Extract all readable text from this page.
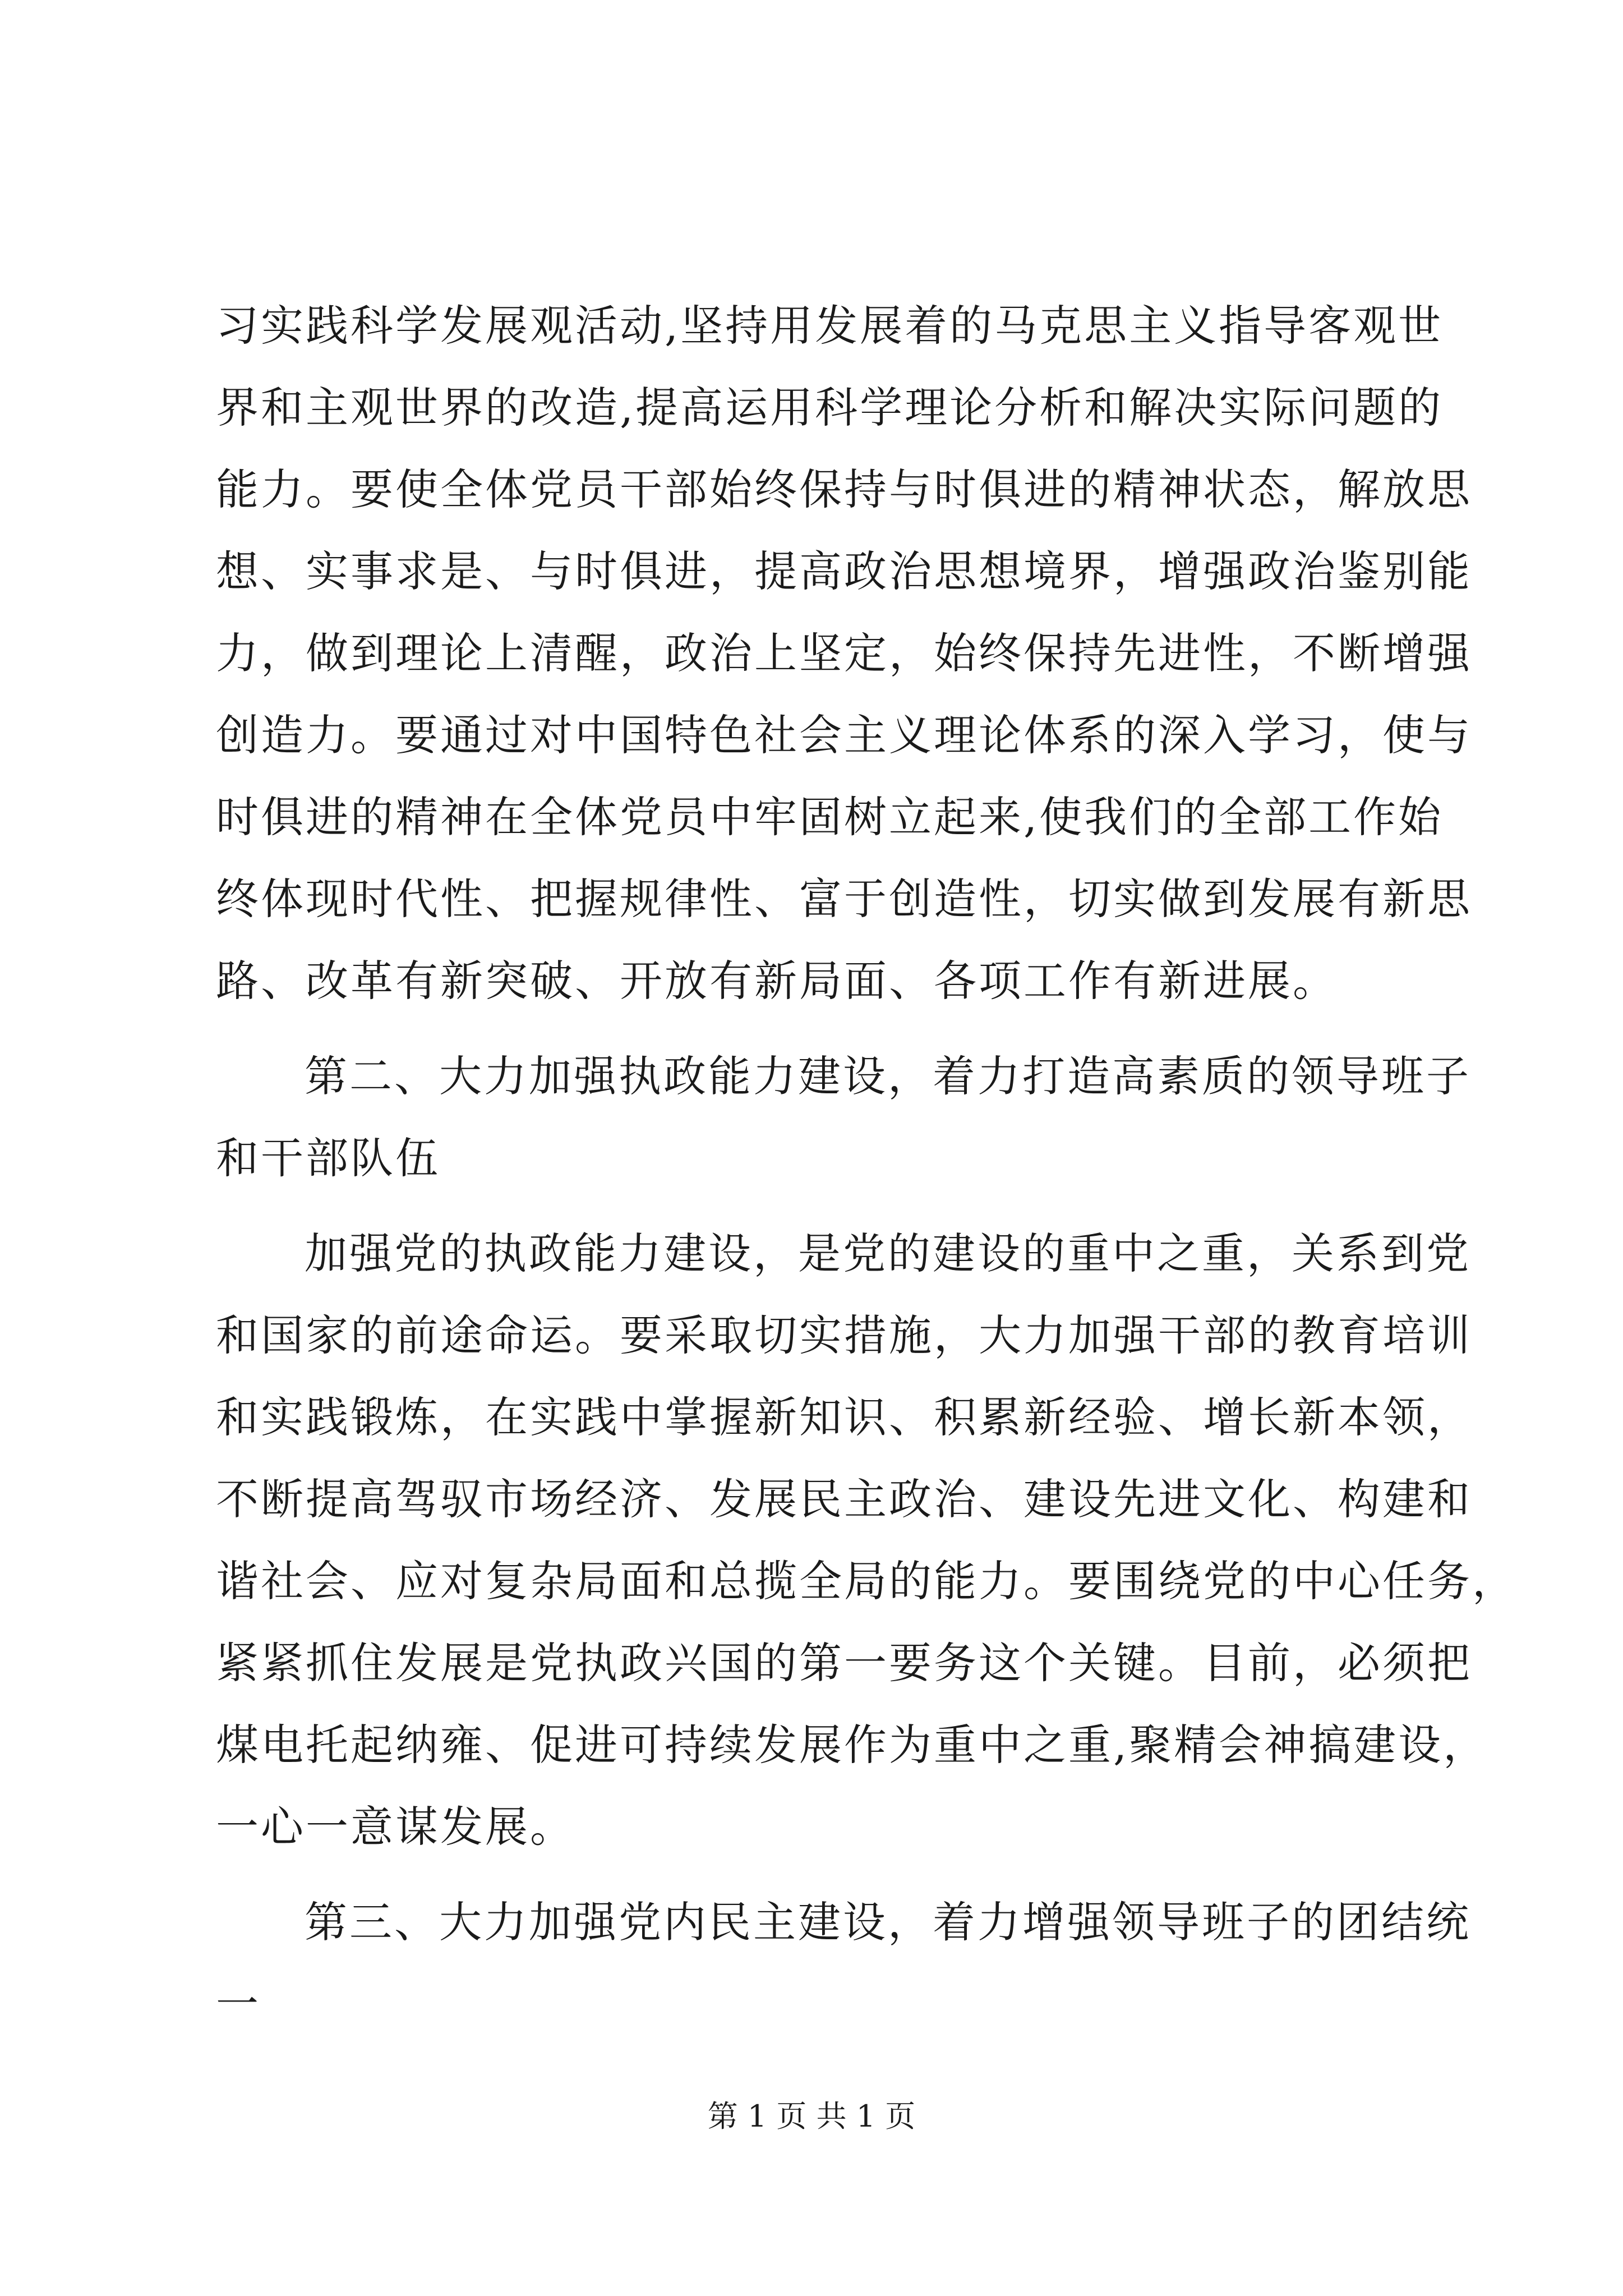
习实践科学发展观活动,坚持用发展着的马克思主义指导客观世
界和主观世界的改造,提高运用科学理论分析和解决实际问题的
能力。要使全体党员干部始终保持与时俱进的精神状态，解放思
想、实事求是、与时俱进，提高政治思想境界，增强政治鉴别能
力，做到理论上清醒，政治上坚定，始终保持先进性，不断增强
创造力。要通过对中国特色社会主义理论体系的深入学习，使与
时俱进的精神在全体党员中牢固树立起来,使我们的全部工作始
终体现时代性、把握规律性、富于创造性，切实做到发展有新思
路、改革有新突破、开放有新局面、各项工作有新进展。
第二、大力加强执政能力建设，着力打造高素质的领导班子
和干部队伍
加强党的执政能力建设，是党的建设的重中之重，关系到党
和国家的前途命运。要采取切实措施，大力加强干部的教育培训
和实践锻炼，在实践中掌握新知识、积累新经验、增长新本领，
不断提高驾驭市场经济、发展民主政治、建设先进文化、构建和
谐社会、应对复杂局面和总揽全局的能力。要围绕党的中心任务，
紧紧抓住发展是党执政兴国的第一要务这个关键。目前，必须把
煤电托起纳雍、促进可持续发展作为重中之重,聚精会神搞建设，
一心一意谋发展。
第三、大力加强党内民主建设，着力增强领导班子的团结统
一
第 1 页 共 1 页
